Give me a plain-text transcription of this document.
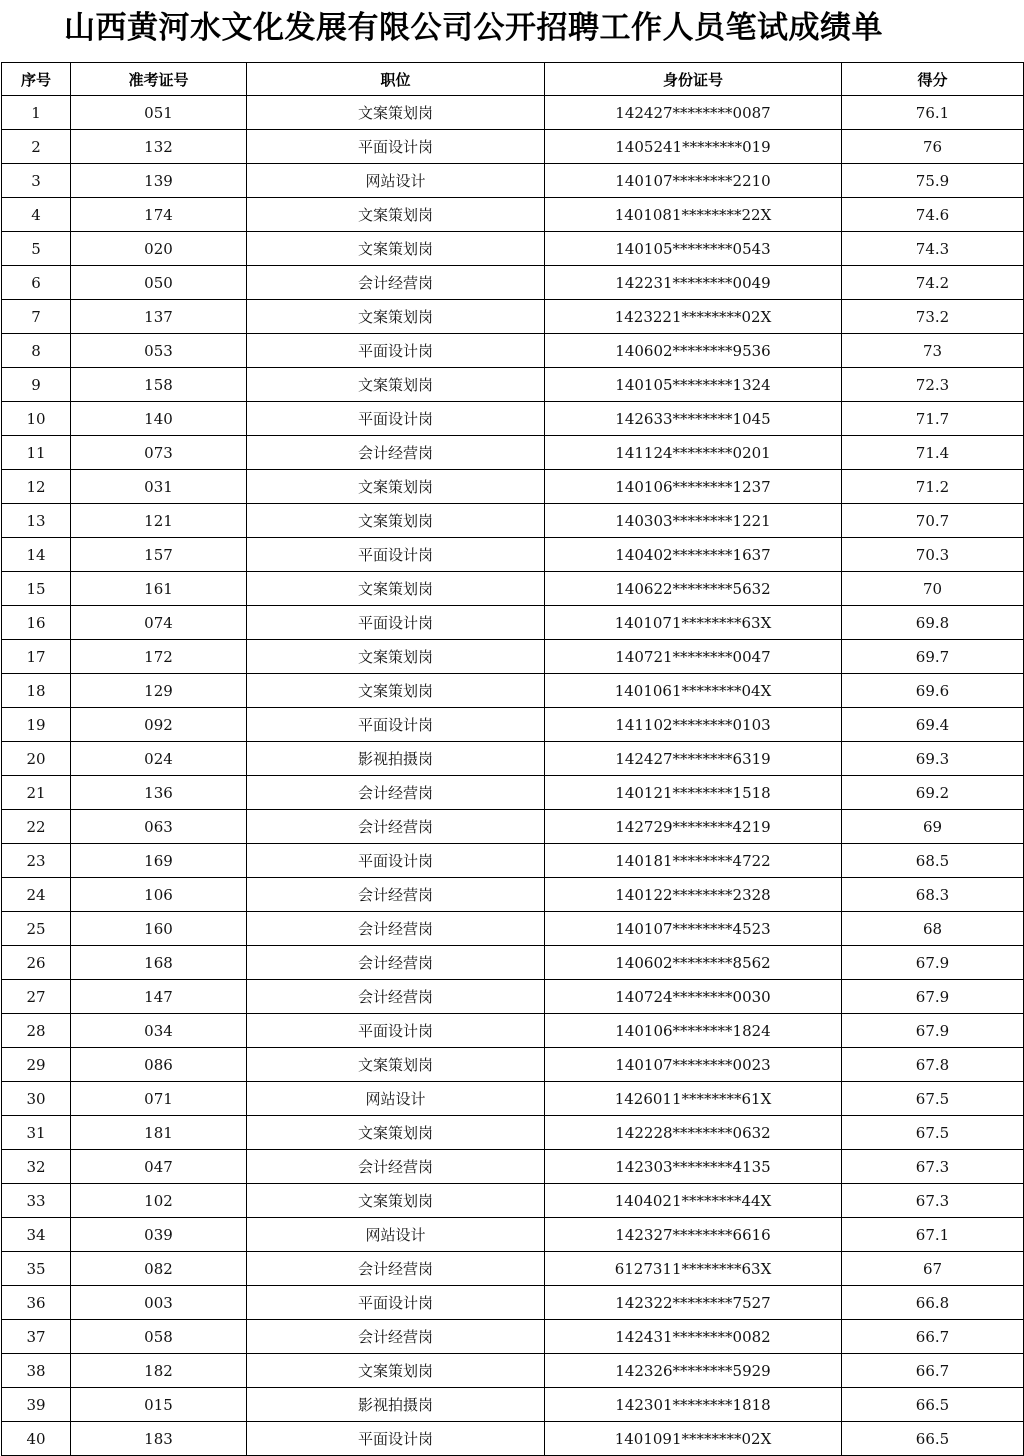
山西黄河水文化发展有限公司公开招聘工作人员笔试成绩单
序号	准考证号	职位	身份证号	得分
1	051	文案策划岗	142427********0087	76.1
2	132	平面设计岗	1405241********019	76
3	139	网站设计	140107********2210	75.9
4	174	文案策划岗	1401081********22X	74.6
5	020	文案策划岗	140105********0543	74.3
6	050	会计经营岗	142231********0049	74.2
7	137	文案策划岗	1423221********02X	73.2
8	053	平面设计岗	140602********9536	73
9	158	文案策划岗	140105********1324	72.3
10	140	平面设计岗	142633********1045	71.7
11	073	会计经营岗	141124********0201	71.4
12	031	文案策划岗	140106********1237	71.2
13	121	文案策划岗	140303********1221	70.7
14	157	平面设计岗	140402********1637	70.3
15	161	文案策划岗	140622********5632	70
16	074	平面设计岗	1401071********63X	69.8
17	172	文案策划岗	140721********0047	69.7
18	129	文案策划岗	1401061********04X	69.6
19	092	平面设计岗	141102********0103	69.4
20	024	影视拍摄岗	142427********6319	69.3
21	136	会计经营岗	140121********1518	69.2
22	063	会计经营岗	142729********4219	69
23	169	平面设计岗	140181********4722	68.5
24	106	会计经营岗	140122********2328	68.3
25	160	会计经营岗	140107********4523	68
26	168	会计经营岗	140602********8562	67.9
27	147	会计经营岗	140724********0030	67.9
28	034	平面设计岗	140106********1824	67.9
29	086	文案策划岗	140107********0023	67.8
30	071	网站设计	1426011********61X	67.5
31	181	文案策划岗	142228********0632	67.5
32	047	会计经营岗	142303********4135	67.3
33	102	文案策划岗	1404021********44X	67.3
34	039	网站设计	142327********6616	67.1
35	082	会计经营岗	6127311********63X	67
36	003	平面设计岗	142322********7527	66.8
37	058	会计经营岗	142431********0082	66.7
38	182	文案策划岗	142326********5929	66.7
39	015	影视拍摄岗	142301********1818	66.5
40	183	平面设计岗	1401091********02X	66.5
